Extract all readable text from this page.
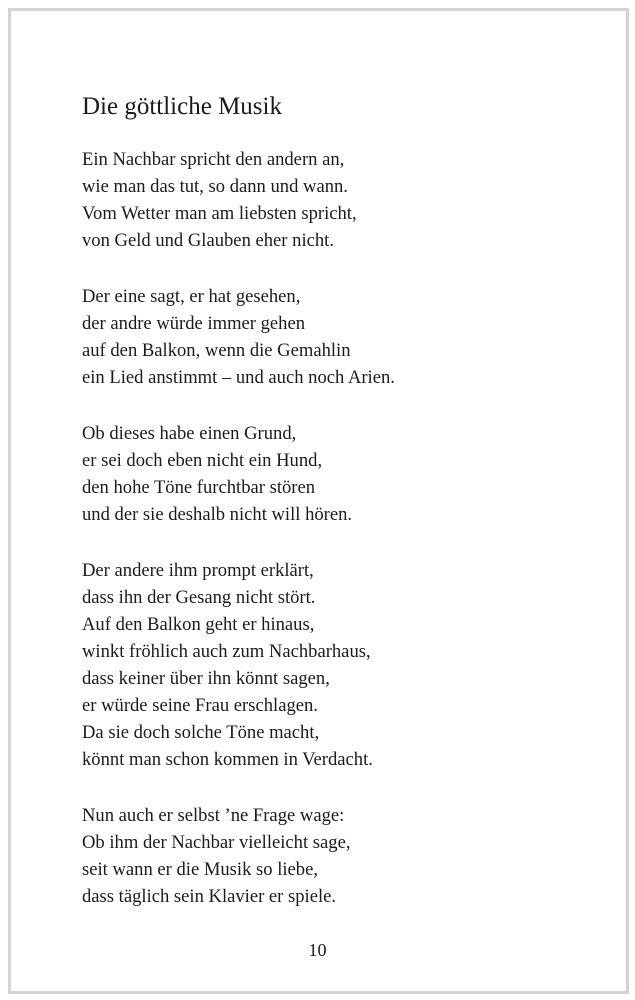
Die göttliche Musik
Ein Nachbar spricht den andern an,
wie man das tut, so dann und wann.
Vom Wetter man am liebsten spricht,
von Geld und Glauben eher nicht.
Der eine sagt, er hat gesehen,
der andre würde immer gehen
auf den Balkon, wenn die Gemahlin
ein Lied anstimmt – und auch noch Arien.
Ob dieses habe einen Grund,
er sei doch eben nicht ein Hund,
den hohe Töne furchtbar stören
und der sie deshalb nicht will hören.
Der andere ihm prompt erklärt,
dass ihn der Gesang nicht stört.
Auf den Balkon geht er hinaus,
winkt fröhlich auch zum Nachbarhaus,
dass keiner über ihn könnt sagen,
er würde seine Frau erschlagen.
Da sie doch solche Töne macht,
könnt man schon kommen in Verdacht.
Nun auch er selbst ’ne Frage wage:
Ob ihm der Nachbar vielleicht sage,
seit wann er die Musik so liebe,
dass täglich sein Klavier er spiele.
10
